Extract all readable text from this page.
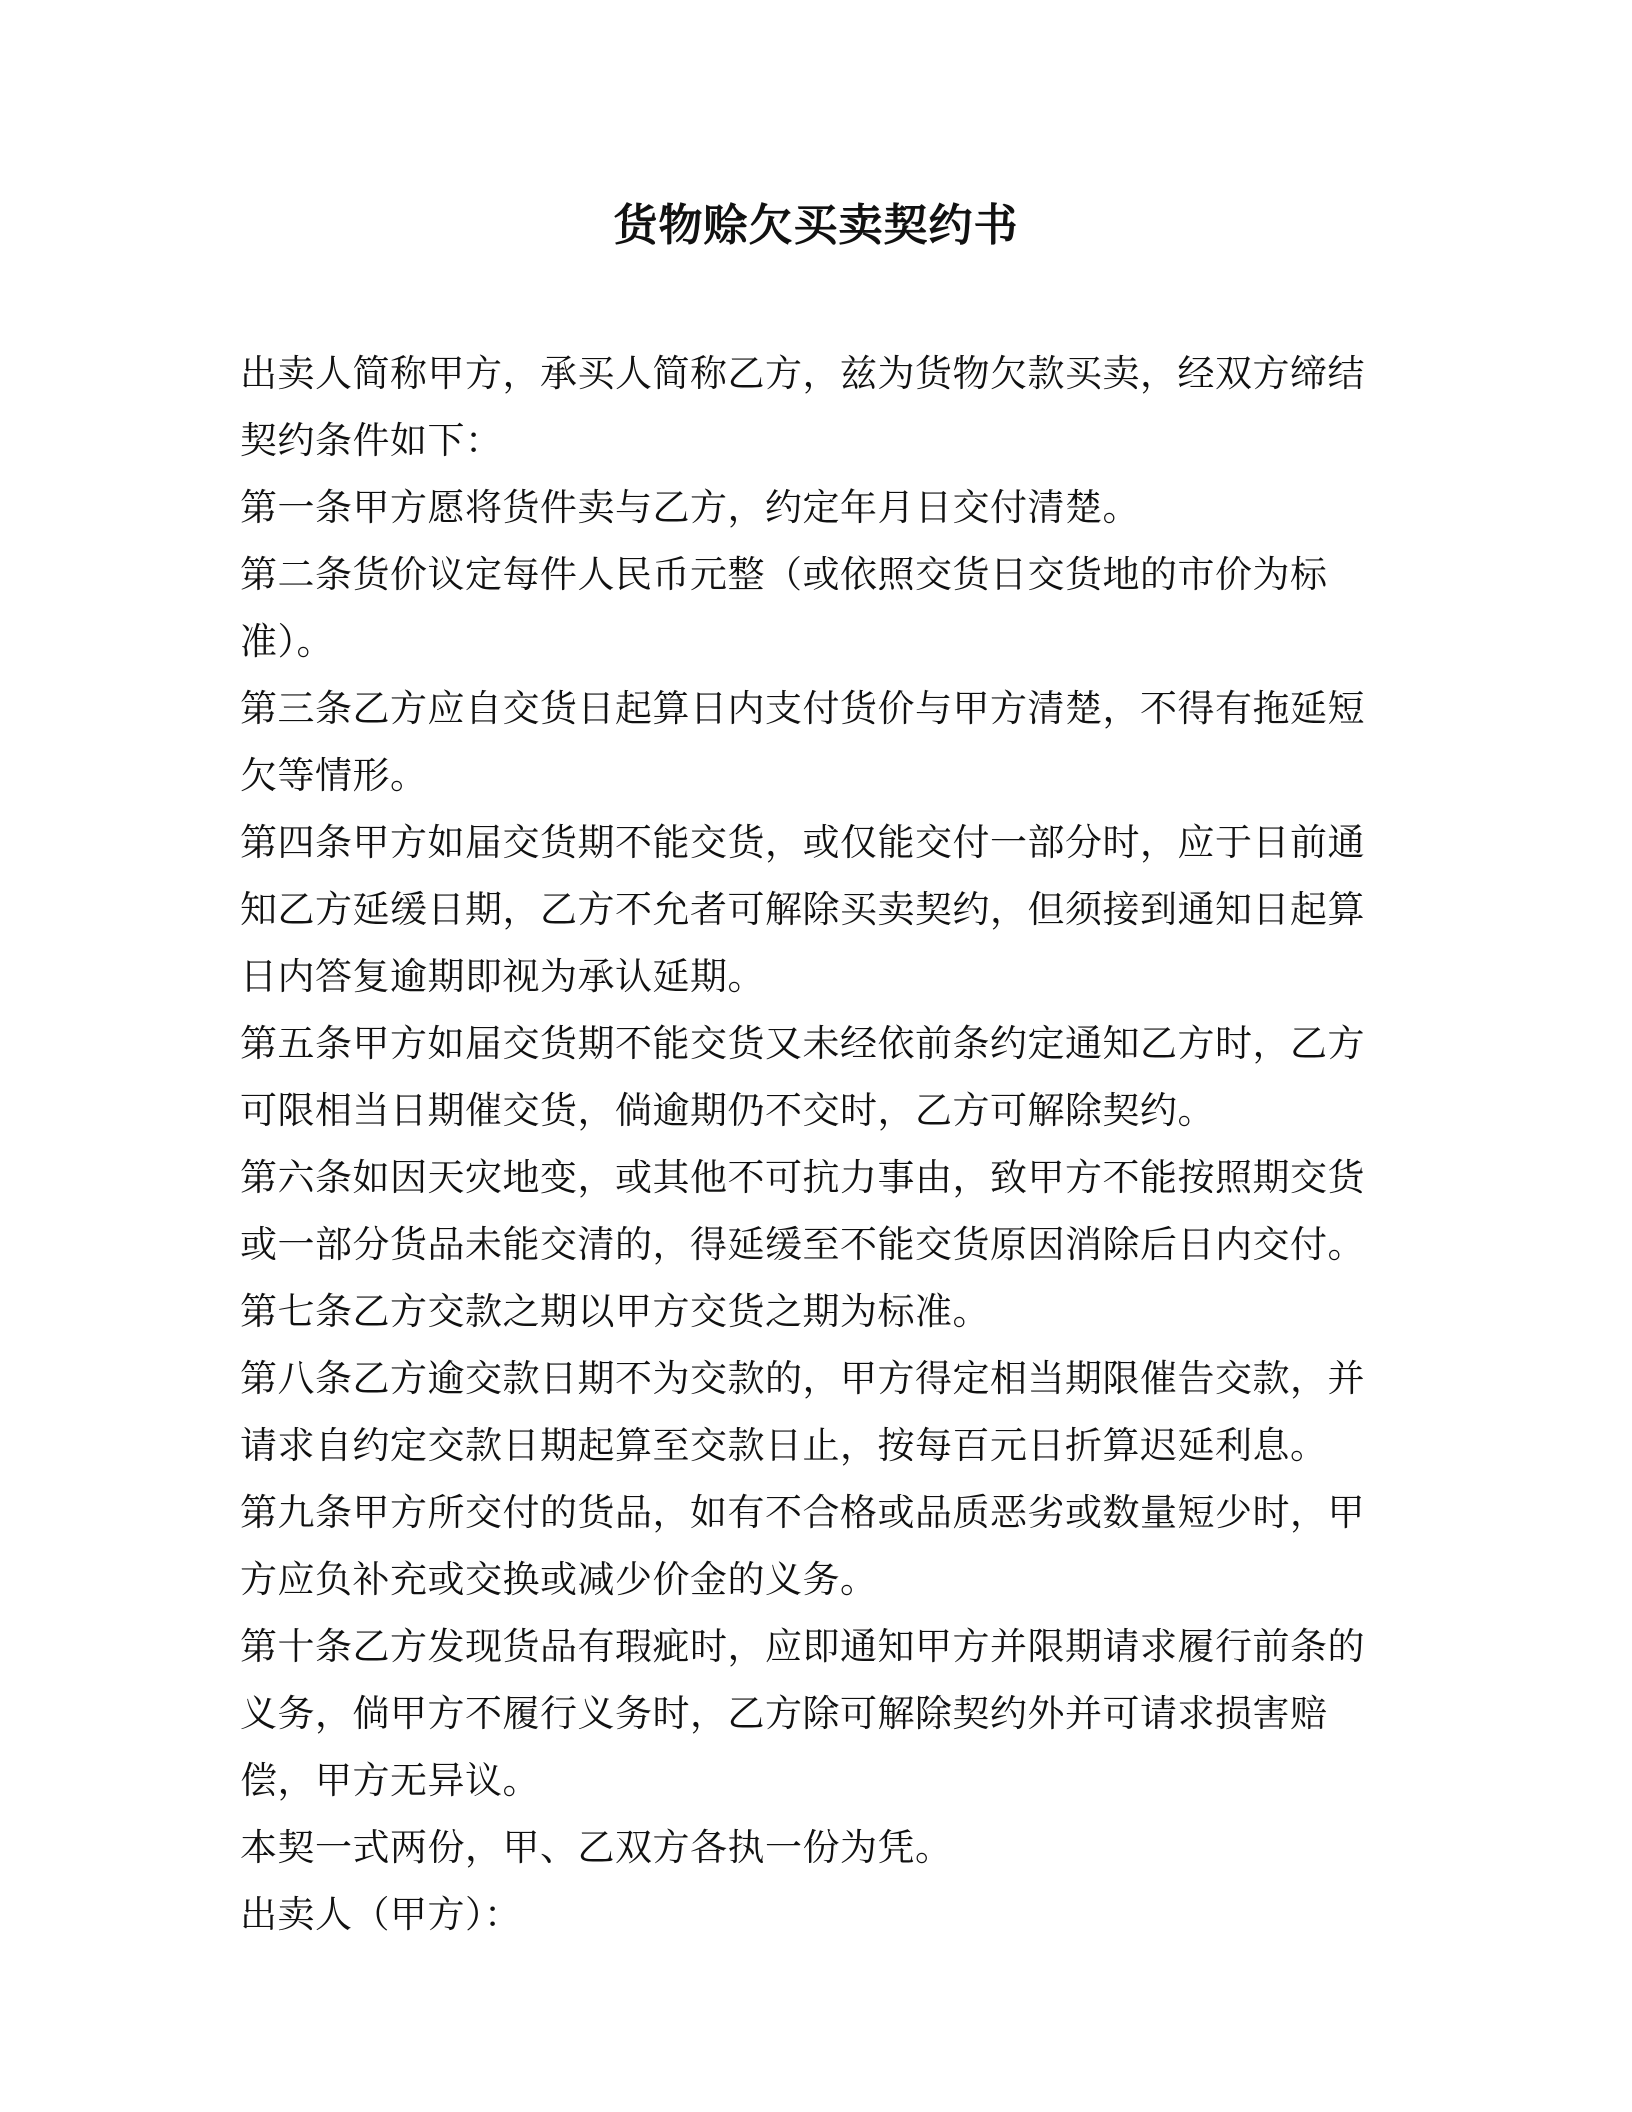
货物赊欠买卖契约书

出卖人简称甲方，承买人简称乙方，兹为货物欠款买卖，经双方缔结契约条件如下：

第一条甲方愿将货件卖与乙方，约定年月日交付清楚。

第二条货价议定每件人民币元整（或依照交货日交货地的市价为标准）。

第三条乙方应自交货日起算日内支付货价与甲方清楚，不得有拖延短欠等情形。

第四条甲方如届交货期不能交货，或仅能交付一部分时，应于日前通知乙方延缓日期，乙方不允者可解除买卖契约，但须接到通知日起算日内答复逾期即视为承认延期。

第五条甲方如届交货期不能交货又未经依前条约定通知乙方时，乙方可限相当日期催交货，倘逾期仍不交时，乙方可解除契约。

第六条如因天灾地变，或其他不可抗力事由，致甲方不能按照期交货或一部分货品未能交清的，得延缓至不能交货原因消除后日内交付。

第七条乙方交款之期以甲方交货之期为标准。

第八条乙方逾交款日期不为交款的，甲方得定相当期限催告交款，并请求自约定交款日期起算至交款日止，按每百元日折算迟延利息。

第九条甲方所交付的货品，如有不合格或品质恶劣或数量短少时，甲方应负补充或交换或减少价金的义务。

第十条乙方发现货品有瑕疵时，应即通知甲方并限期请求履行前条的义务，倘甲方不履行义务时，乙方除可解除契约外并可请求损害赔偿，甲方无异议。

本契一式两份，甲、乙双方各执一份为凭。

出卖人（甲方）：
